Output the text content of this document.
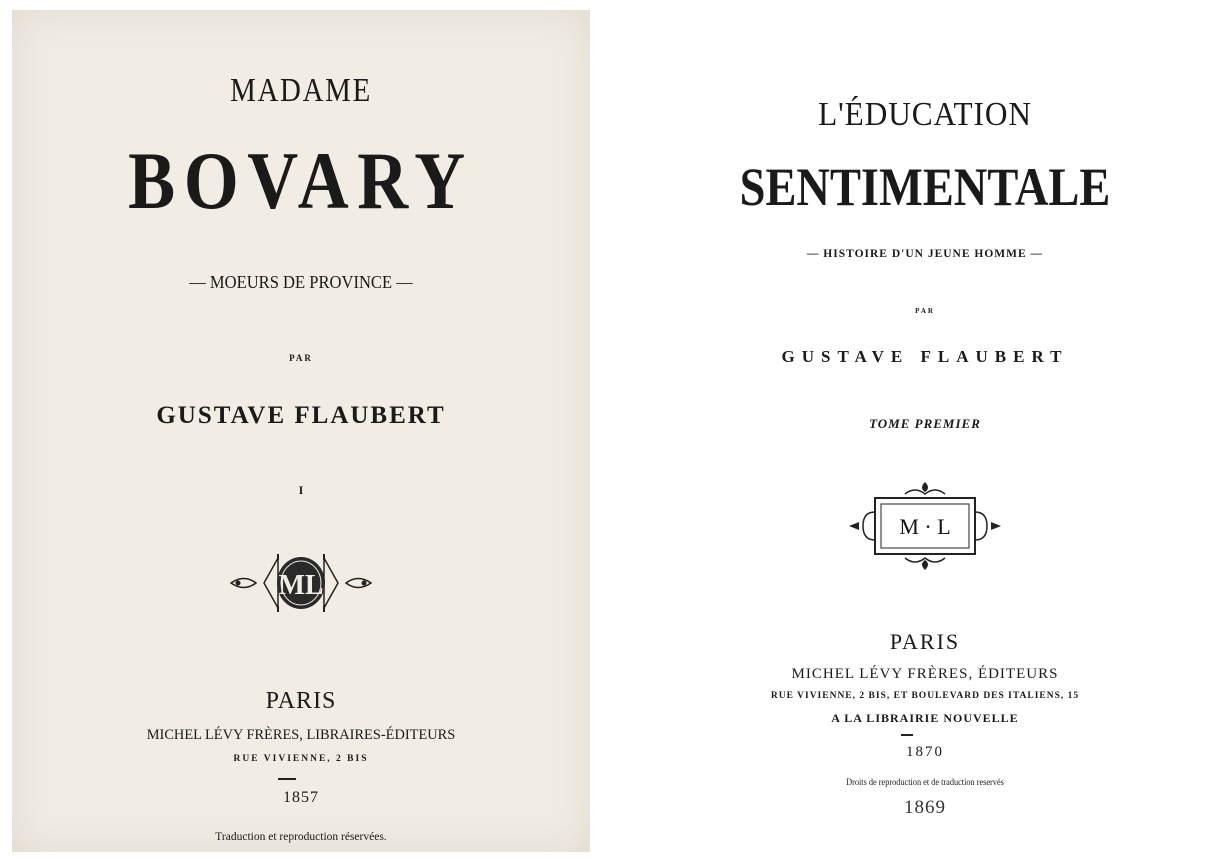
MADAME
BOVARY
— MOEURS DE PROVINCE —
PAR
GUSTAVE FLAUBERT
I
ML
PARIS
MICHEL LÉVY FRÈRES, LIBRAIRES-ÉDITEURS
RUE VIVIENNE, 2 BIS
1857
Traduction et reproduction réservées.
L'ÉDUCATION
SENTIMENTALE
— HISTOIRE D'UN JEUNE HOMME —
PAR
GUSTAVE FLAUBERT
TOME PREMIER
M · L
PARIS
MICHEL LÉVY FRÈRES, ÉDITEURS
RUE VIVIENNE, 2 BIS, ET BOULEVARD DES ITALIENS, 15
A LA LIBRAIRIE NOUVELLE
1870
Droits de reproduction et de traduction reservés
1869
